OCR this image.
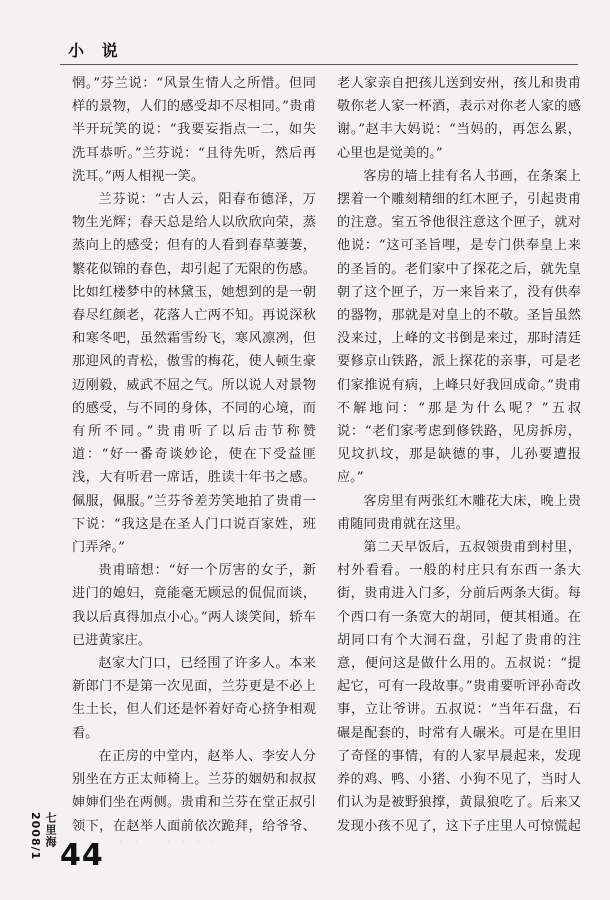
小 说

惘。”芬兰说：“风景生情人之所惜。但同样的景物，人们的感受却不尽相同。”贵甫半开玩笑的说：“我要妄指点一二，如失洗耳恭听。”兰芬说：“且待先听，然后再洗耳。”两人相视一笑。

兰芬说：“古人云，阳春布德泽，万物生光辉；春天总是给人以欣欣向荣，蒸蒸向上的感受；但有的人看到春草萋萋，繁花似锦的春色，却引起了无限的伤感。比如红楼梦中的林黛玉，她想到的是一朝春尽红颜老，花落人亡两不知。再说深秋和寒冬吧，虽然霜雪纷飞，寒风凛冽，但那迎风的青松，傲雪的梅花，使人顿生豪迈刚毅，威武不屈之气。所以说人对景物的感受，与不同的身体，不同的心境，而有所不同。”贵甫听了以后击节称赞道：“好一番奇谈妙论，使在下受益匪浅，大有听君一席话，胜读十年书之感。佩服，佩服。”兰芬爷差芳笑地拍了贵甫一下说：“我这是在圣人门口说百家姓，班门弄斧。”

贵甫暗想：“好一个厉害的女子，新进门的媳妇，竟能毫无顾忌的侃侃而谈，我以后真得加点小心。”两人谈笑间，轿车已进黄家庄。

赵家大门口，已经围了许多人。本来新郎门不是第一次见面，兰芬更是不必上生土长，但人们还是怀着好奇心挤争相观看。

在正房的中堂内，赵举人、李安人分别坐在方正太师椅上。兰芬的姻奶和叔叔婶婶们坐在两侧。贵甫和兰芬在堂正叔引领下，在赵举人面前依次跪拜，给爷爷、

老人家亲自把孩儿送到安州，孩儿和贵甫敬你老人家一杯酒，表示对你老人家的感谢。”赵丰大妈说：“当妈的，再怎么累，心里也是觉美的。”

客房的墙上挂有名人书画，在条案上摆着一个雕刻精细的红木匣子，引起贵甫的注意。室五爷他很注意这个匣子，就对他说：“这可圣旨哩，是专门供奉皇上来的圣旨的。老们家中了探花之后，就先皇朝了这个匣子，万一来旨来了，没有供奉的器物，那就是对皇上的不敬。圣旨虽然没来过，上峰的文书倒是来过，那时清廷要修京山铁路，派上探花的亲事，可是老们家推说有病，上峰只好我回成命。”贵甫不解地问：“那是为什么呢？”五叔说：“老们家考虑到修铁路，见房拆房，见坟扒坟，那是缺德的事，儿孙要遭报应。”

客房里有两张红木雕花大床，晚上贵甫随同贵甫就在这里。

第二天早饭后，五叔领贵甫到村里，村外看看。一般的村庄只有东西一条大街，贵甫进入门多，分前后两条大街。每个西口有一条宽大的胡同，便其相通。在胡同口有个大洞石盘，引起了贵甫的注意，便问这是做什么用的。五叔说：“提起它，可有一段故事。”贵甫要听评孙奇改事，立让爷讲。五叔说：“当年石盘，石碾是配套的，时常有人碾米。可是在里旧了奇怪的事情，有的人家早晨起来，发现养的鸡、鸭、小猪、小狗不见了，当时人们认为是被野狼撑，黄鼠狼吃了。后来又发现小孩不见了，这下子庄里人可惊慌起

七里海 2008/1 44
